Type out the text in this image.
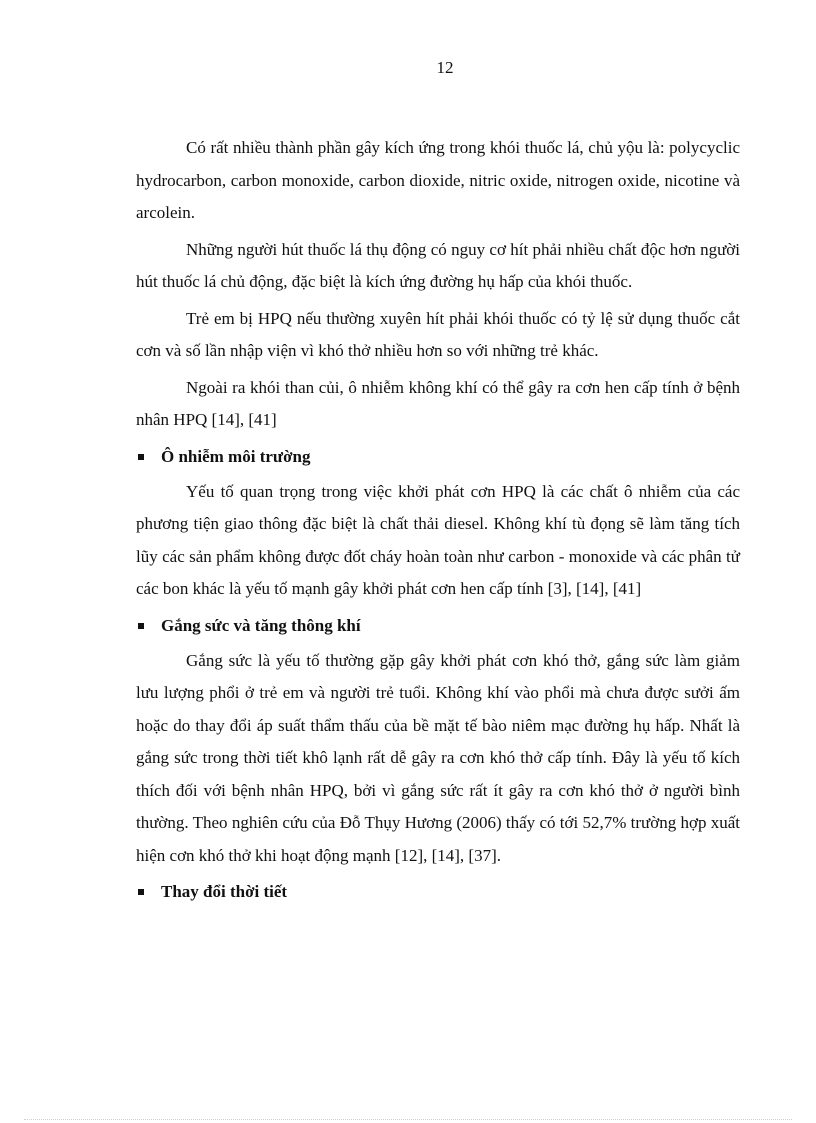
12

Có rất nhiều thành phần gây kích ứng trong khói thuốc lá, chủ yộu là: polycyclic hydrocarbon, carbon monoxide, carbon dioxide, nitric oxide, nitrogen oxide, nicotine và arcolein.

Những người hút thuốc lá thụ động có nguy cơ hít phải nhiều chất độc hơn người hút thuốc lá chủ động, đặc biệt là kích ứng đường hụ hấp của khói thuốc.

Trẻ em bị HPQ nếu thường xuyên hít phải khói thuốc có tỷ lệ sử dụng thuốc cắt cơn và số lần nhập viện vì khó thở nhiều hơn so với những trẻ khác.

Ngoài ra khói than củi, ô nhiễm không khí có thể gây ra cơn hen cấp tính ở bệnh nhân HPQ [14], [41]

Ô nhiễm môi trường

Yếu tố quan trọng trong việc khởi phát cơn HPQ là các chất ô nhiễm của các phương tiện giao thông đặc biệt là chất thải diesel. Không khí tù đọng sẽ làm tăng tích lũy các sản phẩm không được đốt cháy hoàn toàn như carbon - monoxide và các phân tử các bon khác là yếu tố mạnh gây khởi phát cơn hen cấp tính [3], [14], [41]

Gắng sức và tăng thông khí

Gắng sức là yếu tố thường gặp gây khởi phát cơn khó thở, gắng sức làm giảm lưu lượng phổi ở trẻ em và người trẻ tuổi. Không khí vào phổi mà chưa được sưởi ấm hoặc do thay đổi áp suất thẩm thấu của bề mặt tế bào niêm mạc đường hụ hấp. Nhất là gắng sức trong thời tiết khô lạnh rất dễ gây ra cơn khó thở cấp tính. Đây là yếu tố kích thích đối với bệnh nhân HPQ, bởi vì gắng sức rất ít gây ra cơn khó thở ở người bình thường. Theo nghiên cứu của Đỗ Thụy Hương (2006) thấy có tới 52,7% trường hợp xuất hiện cơn khó thở khi hoạt động mạnh [12], [14], [37].

Thay đổi thời tiết
